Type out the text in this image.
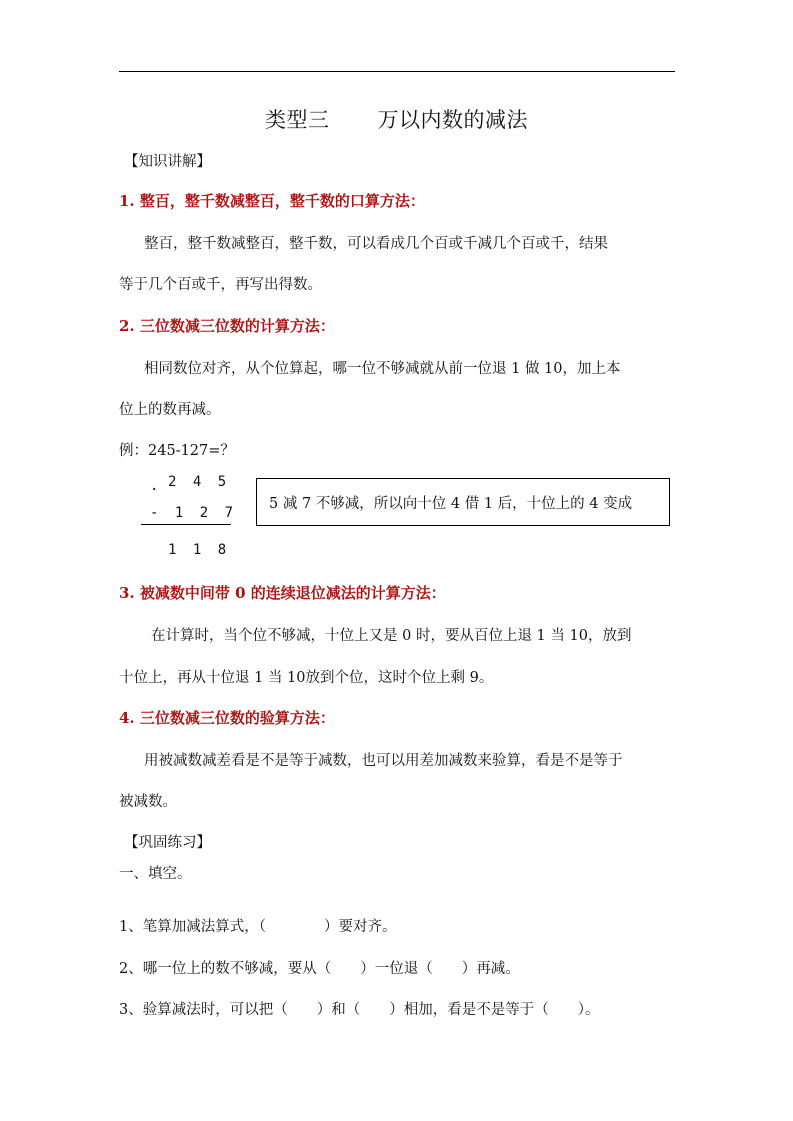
类型三 万以内数的减法
【知识讲解】
1. 整百，整千数减整百，整千数的口算方法：
整百，整千数减整百，整千数，可以看成几个百或千减几个百或千，结果
等于几个百或千，再写出得数。
2. 三位数减三位数的计算方法：
相同数位对齐，从个位算起，哪一位不够减就从前一位退 1 做 10，加上本
位上的数再减。
例：245-127=？
. 2 4 5
- 1 2 7
1 1 8
5 减 7 不够减，所以向十位 4 借 1 后，十位上的 4 变成
3. 被减数中间带 0 的连续退位减法的计算方法：
在计算时，当个位不够减，十位上又是 0 时，要从百位上退 1 当 10，放到
十位上，再从十位退 1 当 10放到个位，这时个位上剩 9。
4. 三位数减三位数的验算方法：
用被减数减差看是不是等于减数，也可以用差加减数来验算，看是不是等于
被减数。
【巩固练习】
一、填空。
1、笔算加减法算式，（　　　　）要对齐。
2、哪一位上的数不够减，要从（　　）一位退（　　）再减。
3、验算减法时，可以把（　　）和（　　）相加，看是不是等于（　　）。
